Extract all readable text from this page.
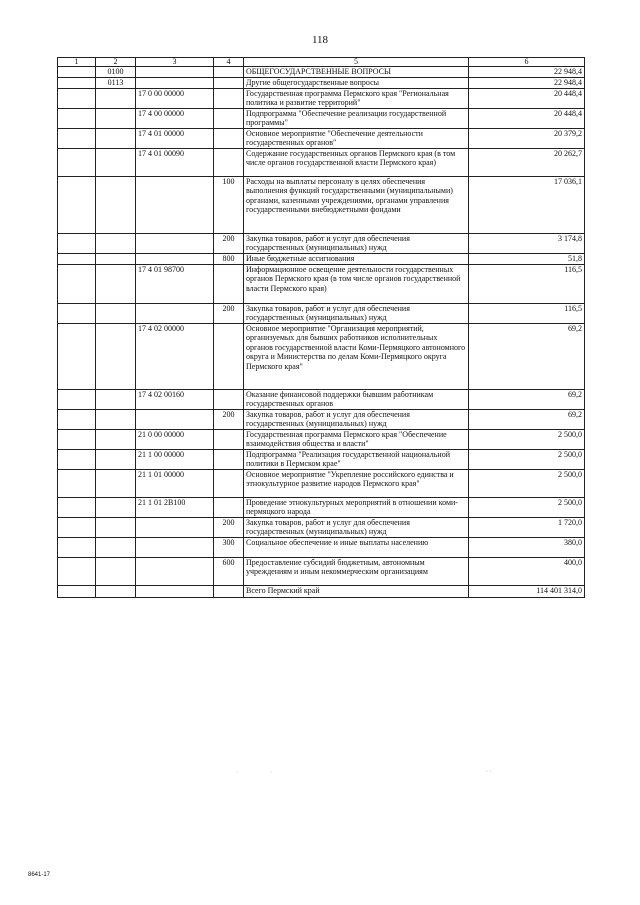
118
1	2	3	4	5	6
	0100			ОБЩЕГОСУДАРСТВЕННЫЕ ВОПРОСЫ	22 948,4
	0113			Другие общегосударственные вопросы	22 948,4
		17 0 00 00000		Государственная программа Пермского края "Региональная политика и развитие территорий"	20 448,4
		17 4 00 00000		Подпрограмма "Обеспечение реализации государственной программы"	20 448,4
		17 4 01 00000		Основное мероприятие "Обеспечение деятельности государственных органов"	20 379,2
		17 4 01 00090		Содержание государственных органов Пермского края (в том числе органов государственной власти Пермского края)	20 262,7
			100	Расходы на выплаты персоналу в целях обеспечения выполнения функций государственными (муниципальными) органами, казенными учреждениями, органами управления государственными внебюджетными фондами	17 036,1
			200	Закупка товаров, работ и услуг для обеспечения государственных (муниципальных) нужд	3 174,8
			800	Иные бюджетные ассигнования	51,8
		17 4 01 98700		Информационное освещение деятельности государственных органов Пермского края (в том числе органов государственной власти Пермского края)	116,5
			200	Закупка товаров, работ и услуг для обеспечения государственных (муниципальных) нужд	116,5
		17 4 02 00000		Основное мероприятие "Организация мероприятий, организуемых для бывших работников исполнительных органов государственной власти Коми-Пермяцкого автономного округа и Министерства по делам Коми-Пермяцкого округа Пермского края"	69,2
		17 4 02 00160		Оказание финансовой поддержки бывшим работникам государственных органов	69,2
			200	Закупка товаров, работ и услуг для обеспечения государственных (муниципальных) нужд	69,2
		21 0 00 00000		Государственная программа Пермского края "Обеспечение взаимодействия общества и власти"	2 500,0
		21 1 00 00000		Подпрограмма "Реализация государственной национальной политики в Пермском крае"	2 500,0
		21 1 01 00000		Основное мероприятие "Укрепление российского единства и этнокультурное развитие народов Пермского края"	2 500,0
		21 1 01 2В100		Проведение этнокультурных мероприятий в отношении коми-пермяцкого народа	2 500,0
			200	Закупка товаров, работ и услуг для обеспечения государственных (муниципальных) нужд	1 720,0
			300	Социальное обеспечение и иные выплаты населению	380,0
			600	Предоставление субсидий бюджетным, автономным учреждениям и иным некоммерческим организациям	400,0
				Всего Пермский край	114 401 314,0
·	·	· ·
8641-17
